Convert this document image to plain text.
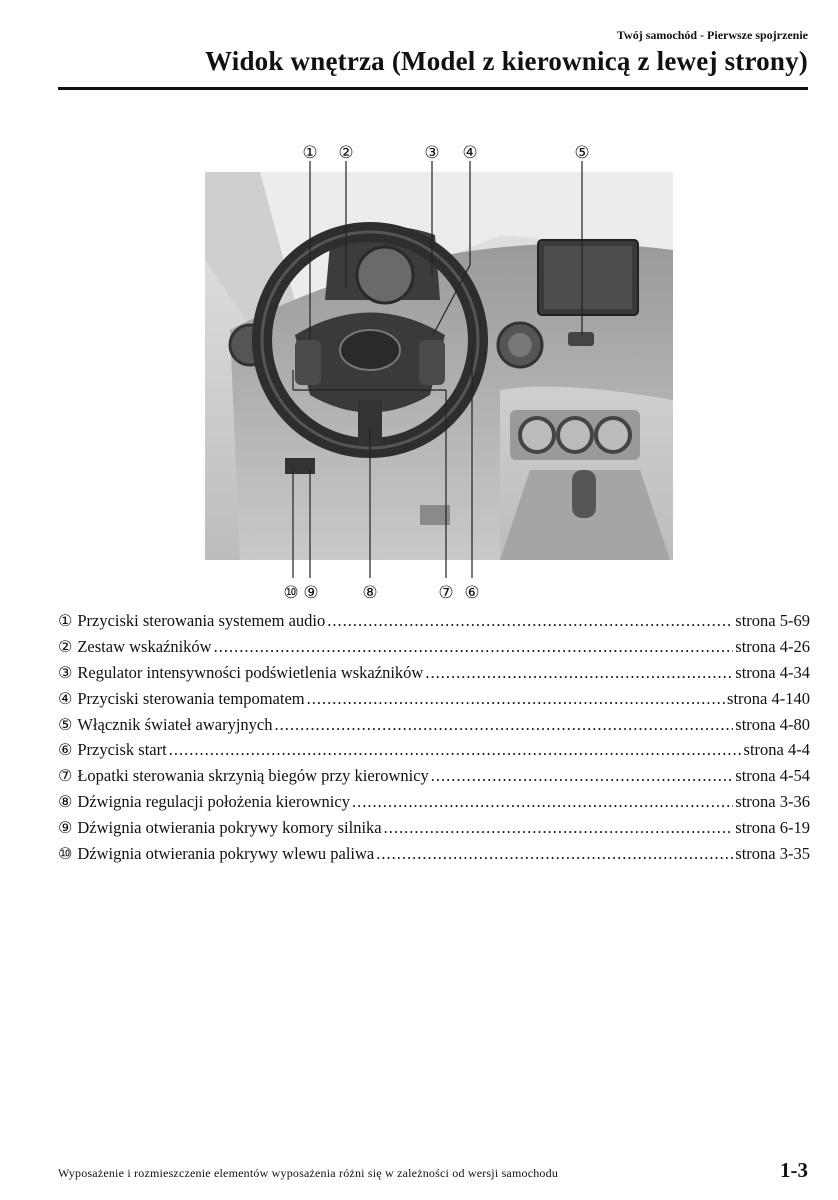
Twój samochód - Pierwsze spojrzenie
Widok wnętrza (Model z kierownicą z lewej strony)
① ②	③ ④	⑤
⑩ ⑨	⑧	⑦ ⑥
① Przyciski sterowania systemem audio .....	strona 5-69
② Zestaw wskaźników .....	strona 4-26
③ Regulator intensywności podświetlenia wskaźników .....	strona 4-34
④ Przyciski sterowania tempomatem .....	strona 4-140
⑤ Włącznik świateł awaryjnych .....	strona 4-80
⑥ Przycisk start .....	strona 4-4
⑦ Łopatki sterowania skrzynią biegów przy kierownicy .....	strona 4-54
⑧ Dźwignia regulacji położenia kierownicy .....	strona 3-36
⑨ Dźwignia otwierania pokrywy komory silnika .....	strona 6-19
⑩ Dźwignia otwierania pokrywy wlewu paliwa .....	strona 3-35
Wyposażenie i rozmieszczenie elementów wyposażenia różni się w zależności od wersji samochodu	1-3
